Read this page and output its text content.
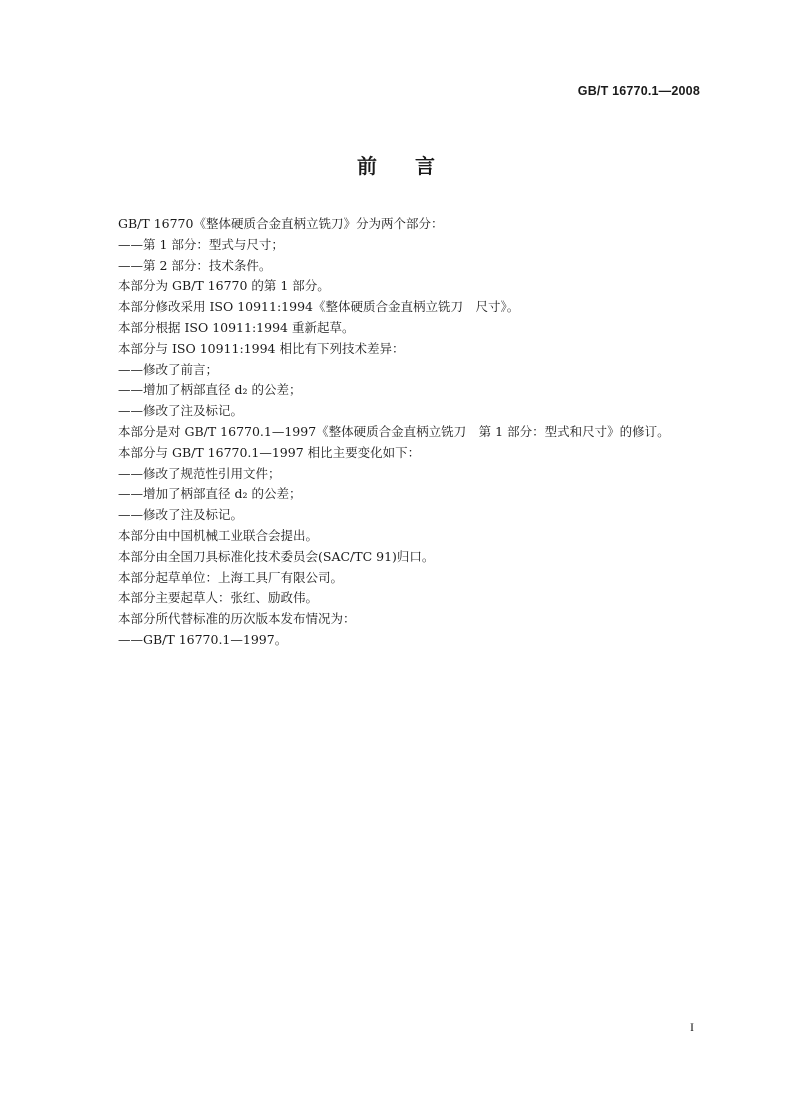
GB/T 16770.1—2008
前言
GB/T 16770《整体硬质合金直柄立铣刀》分为两个部分：
——第 1 部分：型式与尺寸；
——第 2 部分：技术条件。
本部分为 GB/T 16770 的第 1 部分。
本部分修改采用 ISO 10911:1994《整体硬质合金直柄立铣刀　尺寸》。
本部分根据 ISO 10911:1994 重新起草。
本部分与 ISO 10911:1994 相比有下列技术差异：
——修改了前言；
——增加了柄部直径 d₂ 的公差；
——修改了注及标记。
本部分是对 GB/T 16770.1—1997《整体硬质合金直柄立铣刀　第 1 部分：型式和尺寸》的修订。
本部分与 GB/T 16770.1—1997 相比主要变化如下：
——修改了规范性引用文件；
——增加了柄部直径 d₂ 的公差；
——修改了注及标记。
本部分由中国机械工业联合会提出。
本部分由全国刀具标准化技术委员会(SAC/TC 91)归口。
本部分起草单位：上海工具厂有限公司。
本部分主要起草人：张红、励政伟。
本部分所代替标准的历次版本发布情况为：
——GB/T 16770.1—1997。
I
